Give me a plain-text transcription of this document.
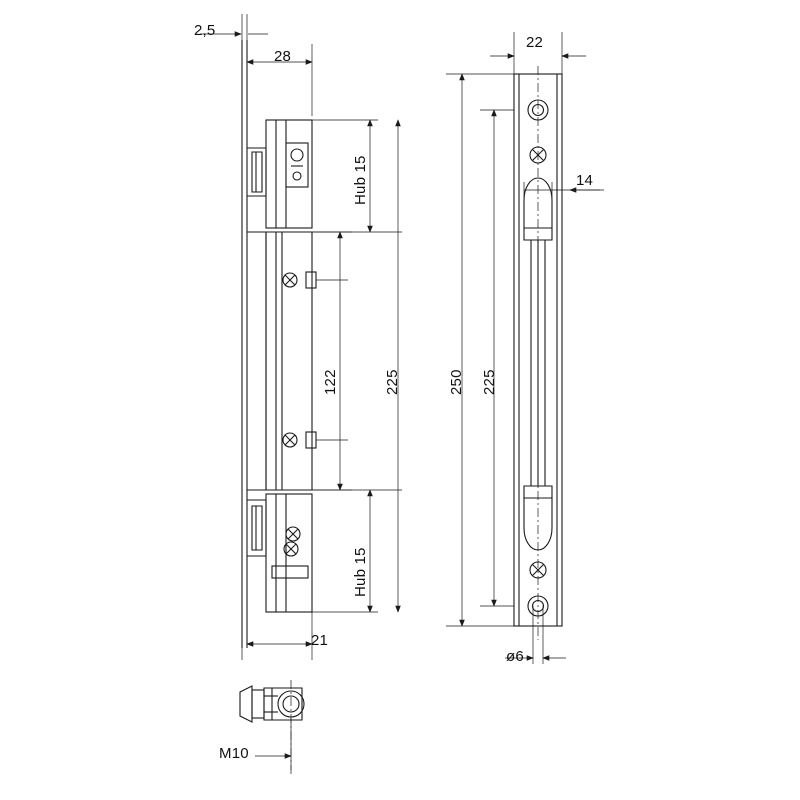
2,5
28
Hub 15
122	225
Hub 15
21
22
14
250 225
ø6
M10
